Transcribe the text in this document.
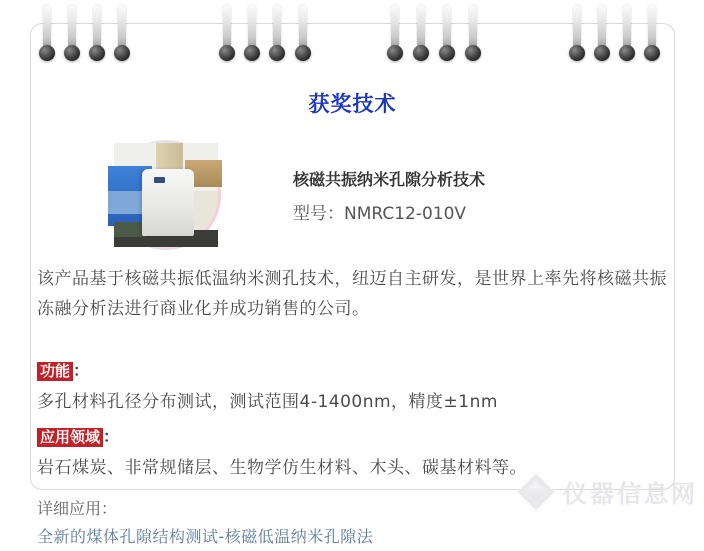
获奖技术
核磁共振纳米孔隙分析技术
型号：NMRC12-010V
该产品基于核磁共振低温纳米测孔技术，纽迈自主研发，是世界上率先将核磁共振冻融分析法进行商业化并成功销售的公司。
功能 ：
多孔材料孔径分布测试，测试范围4-1400nm，精度±1nm
应用领域 ：
岩石煤炭、非常规储层、生物学仿生材料、木头、碳基材料等。
详细应用：
全新的煤体孔隙结构测试-核磁低温纳米孔隙法
仪器信息网
